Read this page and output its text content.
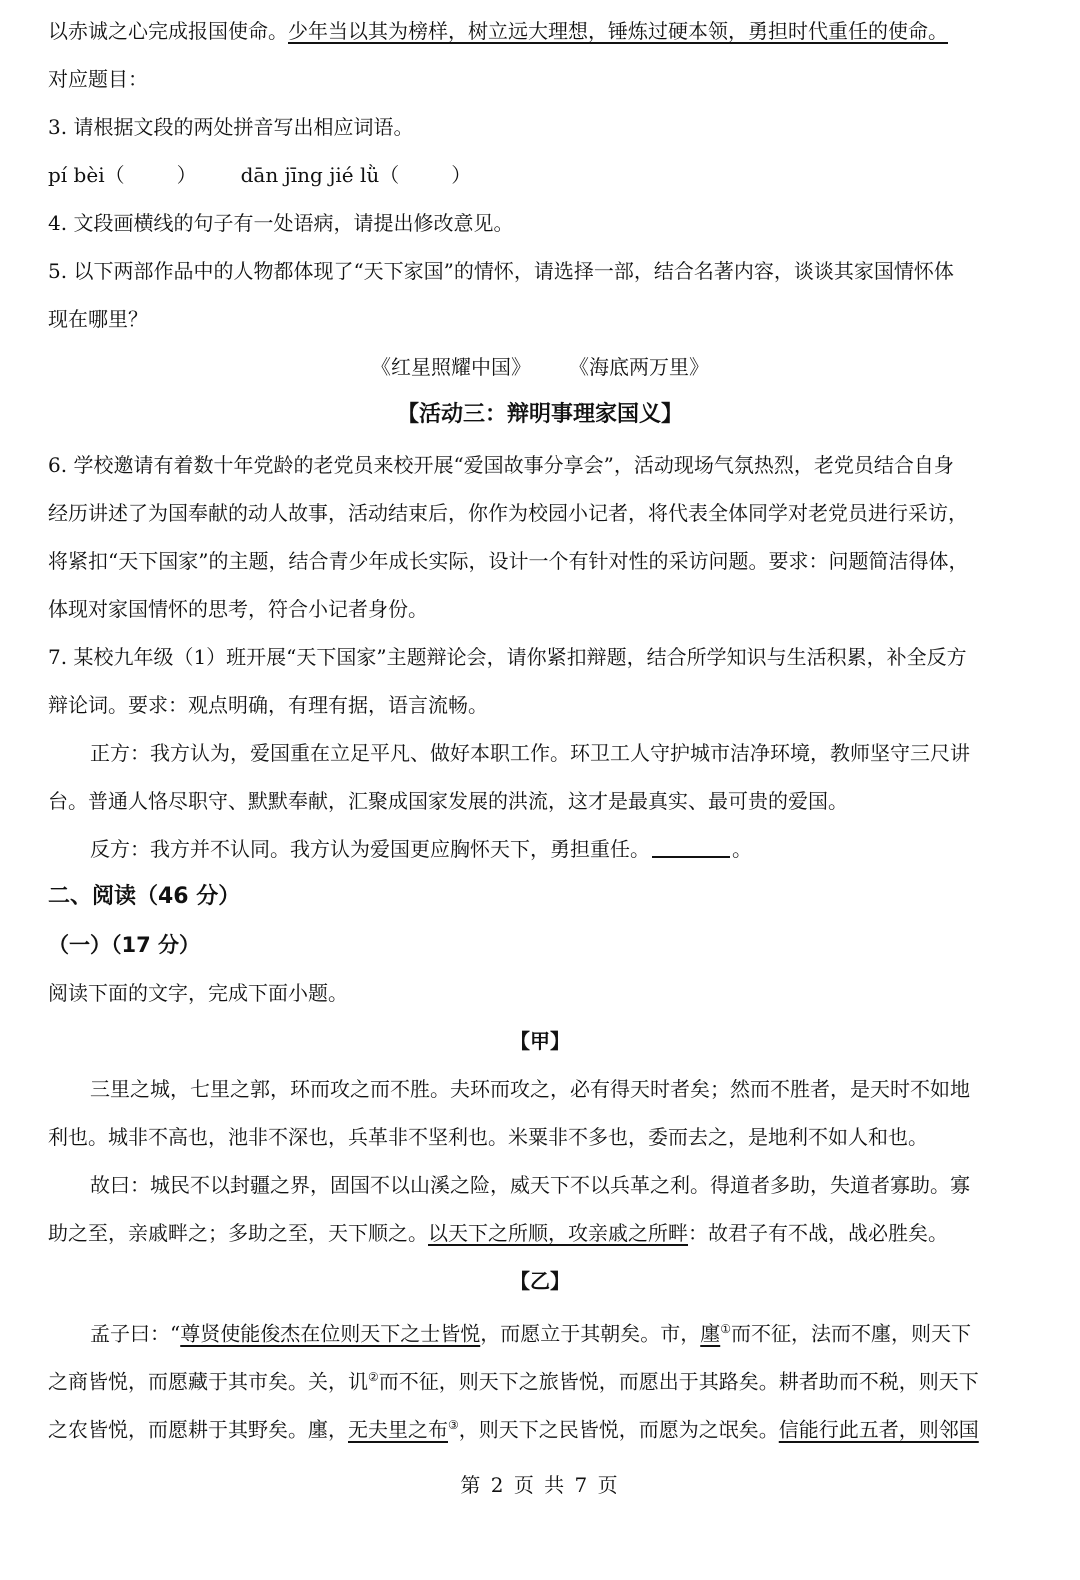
以赤诚之心完成报国使命。少年当以其为榜样，树立远大理想，锤炼过硬本领，勇担时代重任的使命。
对应题目：
3. 请根据文段的两处拼音写出相应词语。
pí bèi（	） dān jīng jié lǜ（	）
4. 文段画横线的句子有一处语病，请提出修改意见。
5. 以下两部作品中的人物都体现了“天下家国”的情怀，请选择一部，结合名著内容，谈谈其家国情怀体
现在哪里？
《红星照耀中国》 《海底两万里》
【活动三：辩明事理家国义】
6. 学校邀请有着数十年党龄的老党员来校开展“爱国故事分享会”，活动现场气氛热烈，老党员结合自身
经历讲述了为国奉献的动人故事，活动结束后，你作为校园小记者，将代表全体同学对老党员进行采访，
将紧扣“天下国家”的主题，结合青少年成长实际，设计一个有针对性的采访问题。要求：问题简洁得体，
体现对家国情怀的思考，符合小记者身份。
7. 某校九年级（1）班开展“天下国家”主题辩论会，请你紧扣辩题，结合所学知识与生活积累，补全反方
辩论词。要求：观点明确，有理有据，语言流畅。
正方：我方认为，爱国重在立足平凡、做好本职工作。环卫工人守护城市洁净环境，教师坚守三尺讲
台。普通人恪尽职守、默默奉献，汇聚成国家发展的洪流，这才是最真实、最可贵的爱国。
反方：我方并不认同。我方认为爱国更应胸怀天下，勇担重任。	。
二、阅读（46 分）
（一）（17 分）
阅读下面的文字，完成下面小题。
【甲】
三里之城，七里之郭，环而攻之而不胜。夫环而攻之，必有得天时者矣；然而不胜者，是天时不如地
利也。城非不高也，池非不深也，兵革非不坚利也。米粟非不多也，委而去之，是地利不如人和也。
故曰：城民不以封疆之界，固国不以山溪之险，威天下不以兵革之利。得道者多助，失道者寡助。寡
助之至，亲戚畔之；多助之至，天下顺之。以天下之所顺，攻亲戚之所畔：故君子有不战，战必胜矣。
【乙】
孟子曰：“尊贤使能俊杰在位则天下之士皆悦，而愿立于其朝矣。市，廛①而不征，法而不廛，则天下
之商皆悦，而愿藏于其市矣。关，讥②而不征，则天下之旅皆悦，而愿出于其路矣。耕者助而不税，则天下
之农皆悦，而愿耕于其野矣。廛，无夫里之布③，则天下之民皆悦，而愿为之氓矣。信能行此五者，则邻国
第 2 页 共 7 页
